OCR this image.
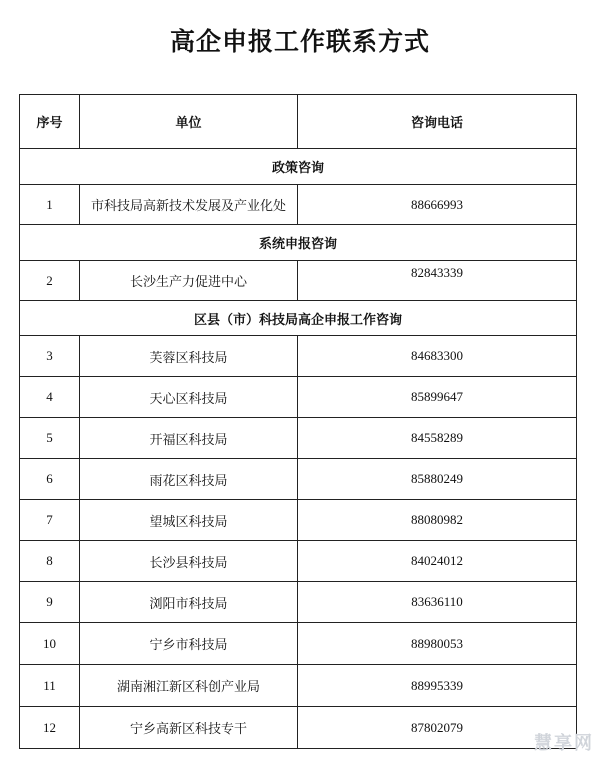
高企申报工作联系方式
序号	单位	咨询电话
政策咨询		
1	市科技局高新技术发展及产业化处	88666993
系统申报咨询		
2	长沙生产力促进中心	82843339
区县（市）科技局高企申报工作咨询		
3	芙蓉区科技局	84683300
4	天心区科技局	85899647
5	开福区科技局	84558289
6	雨花区科技局	85880249
7	望城区科技局	88080982
8	长沙县科技局	84024012
9	浏阳市科技局	83636110
10	宁乡市科技局	88980053
11	湖南湘江新区科创产业局	88995339
12	宁乡高新区科技专干	87802079
慧享网
